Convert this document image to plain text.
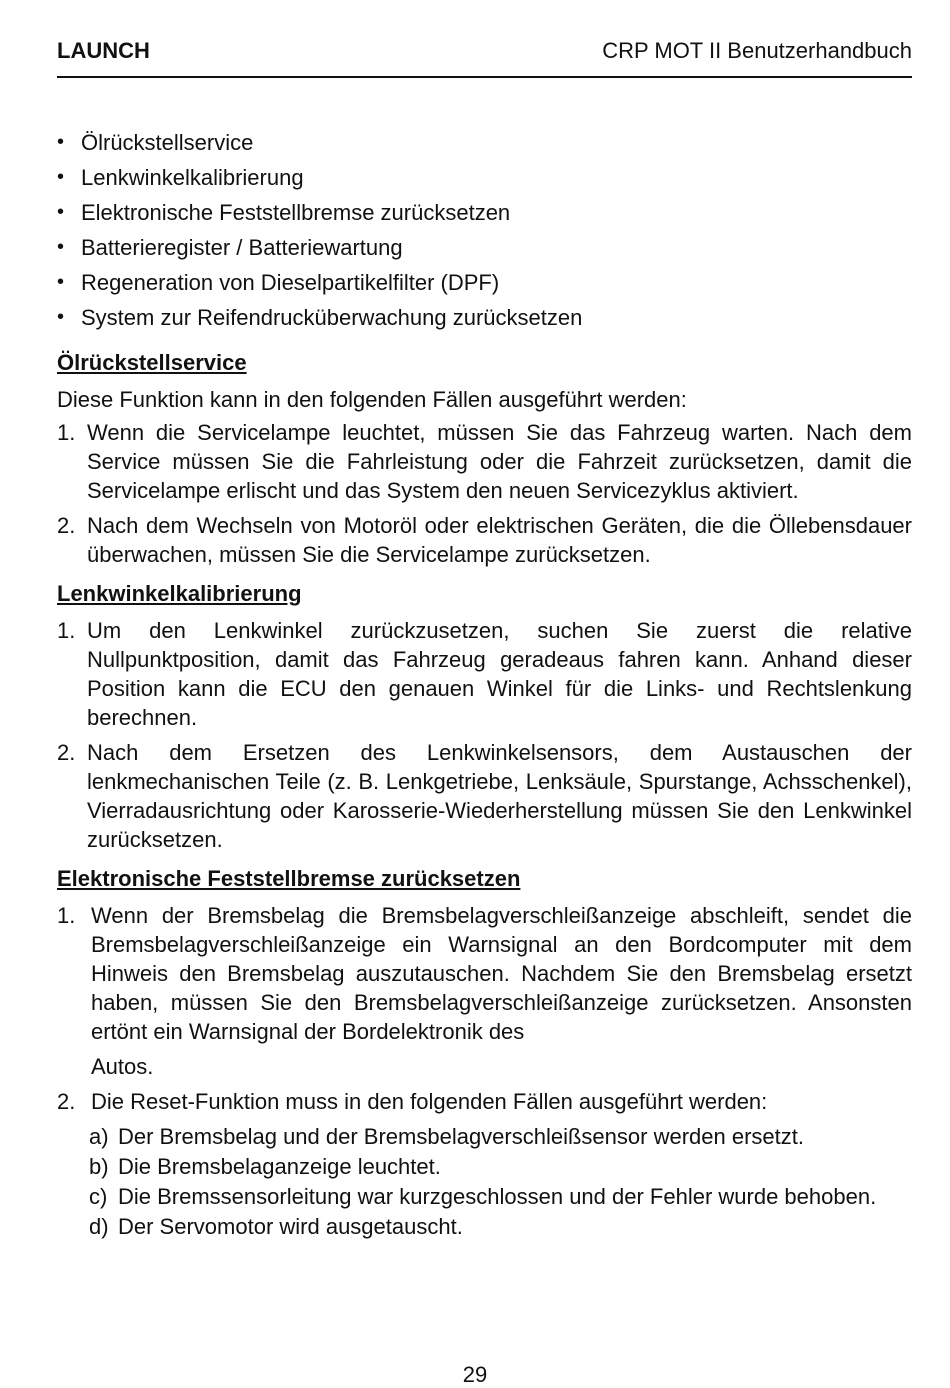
LAUNCH	CRP MOT II Benutzerhandbuch
• Ölrückstellservice
• Lenkwinkelkalibrierung
• Elektronische Feststellbremse zurücksetzen
• Batterieregister / Batteriewartung
• Regeneration von Dieselpartikelfilter (DPF)
• System zur Reifendrucküberwachung zurücksetzen
Ölrückstellservice

Diese Funktion kann in den folgenden Fällen ausgeführt werden:

1. Wenn die Servicelampe leuchtet, müssen Sie das Fahrzeug warten. Nach dem Service müssen Sie die Fahrleistung oder die Fahrzeit zurücksetzen, damit die Servicelampe erlischt und das System den neuen Servicezyklus aktiviert.
2. Nach dem Wechseln von Motoröl oder elektrischen Geräten, die die Öllebensdauer überwachen, müssen Sie die Servicelampe zurücksetzen.
Lenkwinkelkalibrierung
1. Um den Lenkwinkel zurückzusetzen, suchen Sie zuerst die relative Nullpunktposition, damit das Fahrzeug geradeaus fahren kann. Anhand dieser Position kann die ECU den genauen Winkel für die Links- und Rechtslenkung berechnen.
2. Nach dem Ersetzen des Lenkwinkelsensors, dem Austauschen der lenkmechanischen Teile (z. B. Lenkgetriebe, Lenksäule, Spurstange, Achsschenkel), Vierradausrichtung oder Karosserie-Wiederherstellung müssen Sie den Lenkwinkel zurücksetzen.
Elektronische Feststellbremse zurücksetzen
1. Wenn der Bremsbelag die Bremsbelagverschleißanzeige abschleift, sendet die Bremsbelagverschleißanzeige ein Warnsignal an den Bordcomputer mit dem Hinweis den Bremsbelag auszutauschen. Nachdem Sie den Bremsbelag ersetzt haben, müssen Sie den Bremsbelagverschleißanzeige zurücksetzen. Ansonsten ertönt ein Warnsignal der Bordelektronik des
Autos.
2. Die Reset-Funktion muss in den folgenden Fällen ausgeführt werden:
a) Der Bremsbelag und der Bremsbelagverschleißsensor werden ersetzt.
b) Die Bremsbelaganzeige leuchtet.
c) Die Bremssensorleitung war kurzgeschlossen und der Fehler wurde behoben.
d) Der Servomotor wird ausgetauscht.
29
